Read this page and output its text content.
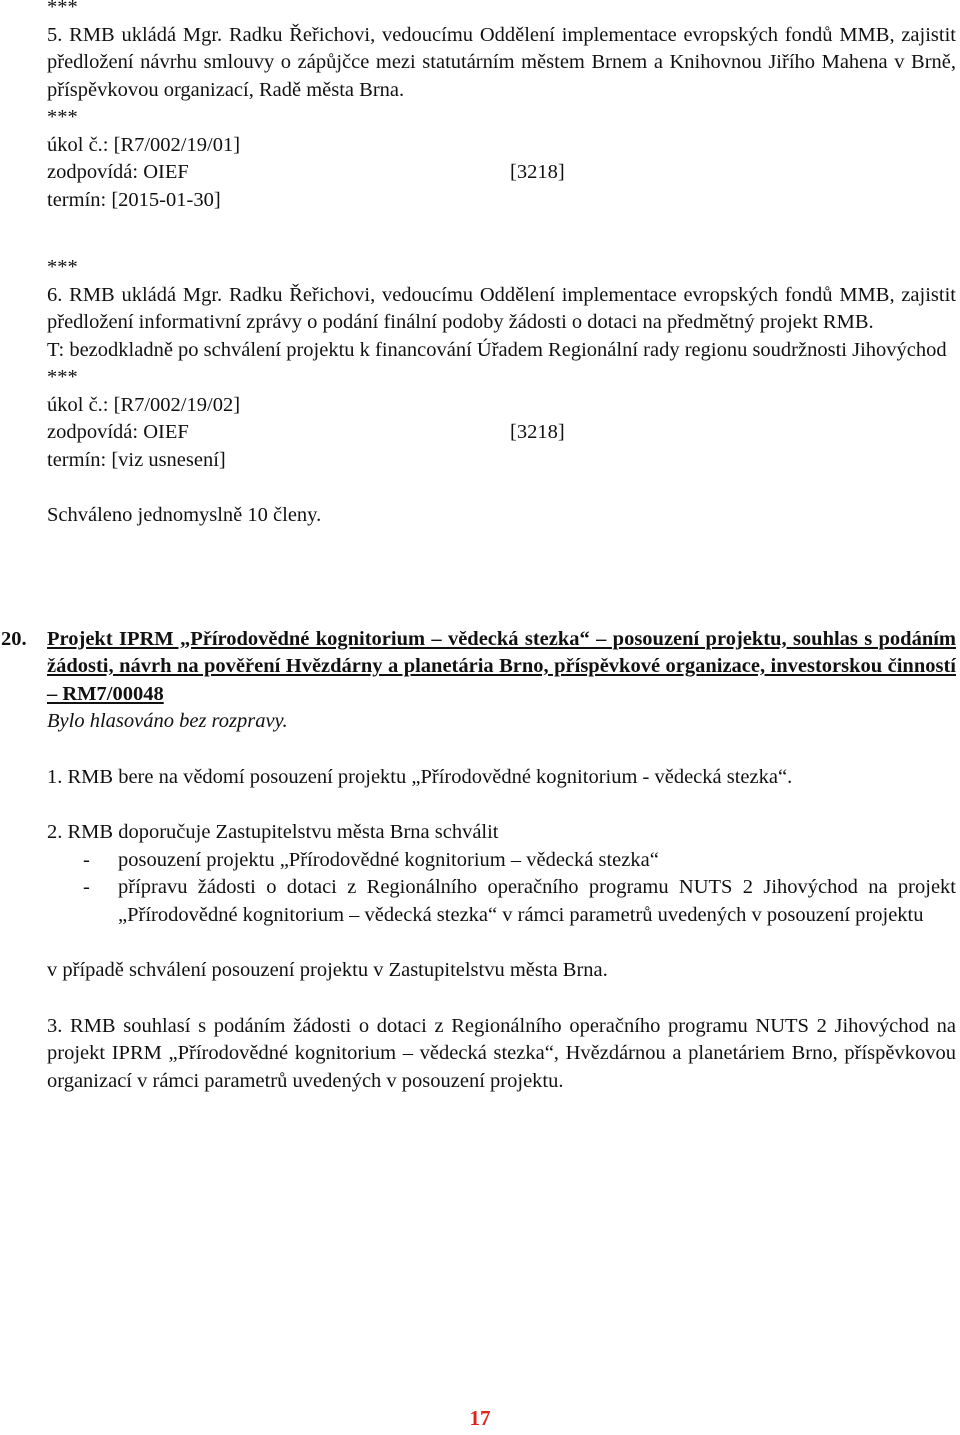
***

5. RMB ukládá Mgr. Radku Řeřichovi, vedoucímu Oddělení implementace evropských fondů MMB, zajistit předložení návrhu smlouvy o zápůjčce mezi statutárním městem Brnem a Knihovnou Jiřího Mahena v Brně, příspěvkovou organizací, Radě města Brna.

***

úkol č.: [R7/002/19/01]

zodpovídá: OIEF	[3218]

termín: [2015-01-30]

***

6. RMB ukládá Mgr. Radku Řeřichovi, vedoucímu Oddělení implementace evropských fondů MMB, zajistit předložení informativní zprávy o podání finální podoby žádosti o dotaci na předmětný projekt RMB.

T: bezodkladně po schválení projektu k financování Úřadem Regionální rady regionu soudržnosti Jihovýchod

***

úkol č.: [R7/002/19/02]

zodpovídá: OIEF	[3218]

termín: [viz usnesení]

Schváleno jednomyslně 10 členy.

20. Projekt IPRM „Přírodovědné kognitorium – vědecká stezka“ – posouzení projektu, souhlas s podáním žádosti, návrh na pověření Hvězdárny a planetária Brno, příspěvkové organizace, investorskou činností – RM7/00048

Bylo hlasováno bez rozpravy.

1. RMB bere na vědomí posouzení projektu „Přírodovědné kognitorium - vědecká stezka“.

2. RMB doporučuje Zastupitelstvu města Brna schválit

-	posouzení projektu „Přírodovědné kognitorium – vědecká stezka“
-	přípravu žádosti o dotaci z Regionálního operačního programu NUTS 2 Jihovýchod na projekt „Přírodovědné kognitorium – vědecká stezka“ v rámci parametrů uvedených v posouzení projektu

v případě schválení posouzení projektu v Zastupitelstvu města Brna.

3. RMB souhlasí s podáním žádosti o dotaci z Regionálního operačního programu NUTS 2 Jihovýchod na projekt IPRM „Přírodovědné kognitorium – vědecká stezka“, Hvězdárnou a planetáriem Brno, příspěvkovou organizací v rámci parametrů uvedených v posouzení projektu.

17
